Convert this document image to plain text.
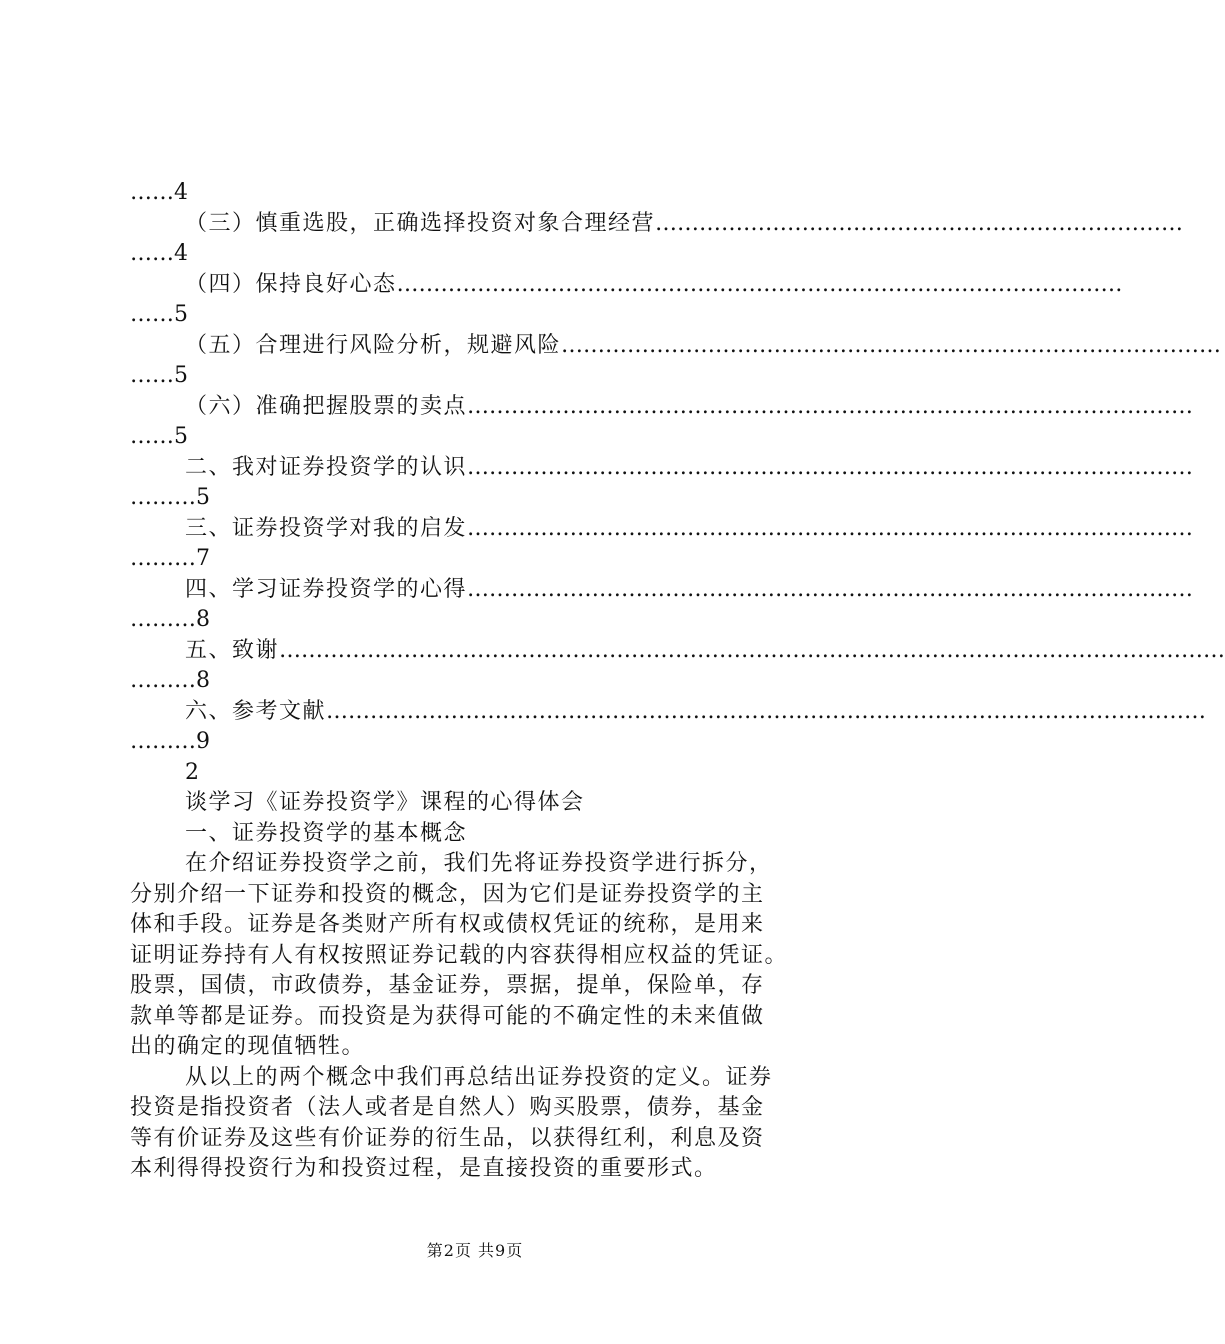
……4
（三）慎重选股，正确选择投资对象合理经营 ………………………………………………………………
……4
（四）保持良好心态 ………………………………………………………………………………………
……5
（五）合理进行风险分析，规避风险 ………………………………………………………………………………
……5
（六）准确把握股票的卖点 ………………………………………………………………………………………
……5
二、我对证券投资学的认识 ………………………………………………………………………………………
………5
三、证券投资学对我的启发 ………………………………………………………………………………………
………7
四、学习证券投资学的心得 ………………………………………………………………………………………
………8
五、致谢 …………………………………………………………………………………………………………………
………8
六、参考文献 …………………………………………………………………………………………………………
………9
2
谈学习《证券投资学》课程的心得体会
一、证券投资学的基本概念
在介绍证券投资学之前，我们先将证券投资学进行拆分，
分别介绍一下证券和投资的概念，因为它们是证券投资学的主
体和手段。证券是各类财产所有权或债权凭证的统称，是用来
证明证券持有人有权按照证券记载的内容获得相应权益的凭证。
股票，国债，市政债券，基金证券，票据，提单，保险单，存
款单等都是证券。而投资是为获得可能的不确定性的未来值做
出的确定的现值牺牲。
从以上的两个概念中我们再总结出证券投资的定义。证券
投资是指投资者（法人或者是自然人）购买股票，债券，基金
等有价证券及这些有价证券的衍生品，以获得红利，利息及资
本利得得投资行为和投资过程，是直接投资的重要形式。
第2页 共9页
